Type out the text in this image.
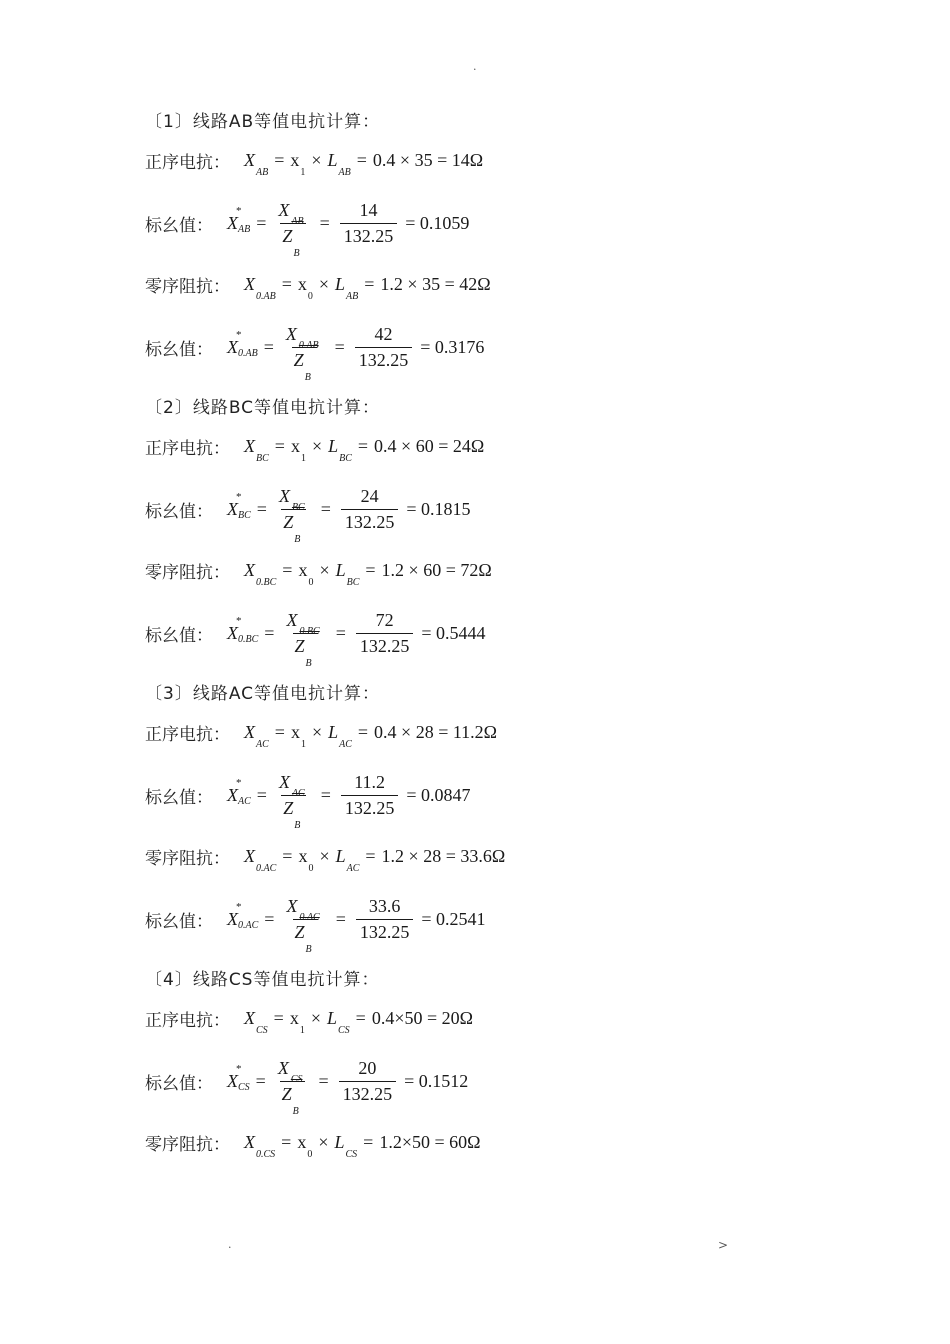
.
〔1〕线路AB等值电抗计算：
正序电抗： X
AB
= x
1
× L
AB
= 0.4 × 35 = 14Ω
标幺值： X
*
AB =
$X_{AB}$
$Z_B$
= $\frac{14}{132.25} = 0.1059$
零序阻抗： X
0.AB
= x
0
× L
AB
= 1.2 × 35 = 42Ω
标幺值： X
*
$0.AB = \frac{X_{0.AB}}{Z_B} = \frac{42}{132.25} = 0.3176$
〔2〕线路BC等值电抗计算：
正序电抗： X
BC
= x
1
× L
BC
= 0.4 × 60 = 24Ω
标幺值： X
*
BC =
$X_{BC}$
$Z_B$
= $\frac{24}{132.25} = 0.1815$
零序阻抗： X
0.BC
= x
0
× L
BC
= 1.2 × 60 = 72Ω
标幺值： X
*
$0.BC = \frac{X_{0.BC}}{Z_B} = \frac{72}{132.25} = 0.5444$
〔3〕线路AC等值电抗计算：
正序电抗： X
AC
= x
1
× L
AC
= 0.4 × 28 = 11.2Ω
标幺值： X
*
AC =
$X_{AC}$
$Z_B$
= $\frac{11.2}{132.25} = 0.0847$
零序阻抗： X
0.AC
= x
0
× L
AC
= 1.2 × 28 = 33.6Ω
标幺值： X
*
$0.AC = \frac{X_{0.AC}}{Z_B} = \frac{33.6}{132.25} = 0.2541$
〔4〕线路CS等值电抗计算：
正序电抗： X
CS
= x
1
× L
CS
= 0.4×50 = 20Ω
标幺值： X
*
CS =
$X_{CS}$
$Z_B$
= $\frac{20}{132.25} = 0.1512$
零序阻抗： X
0.CS
= x
0
× L
CS
= 1.2×50 = 60Ω
.	>
